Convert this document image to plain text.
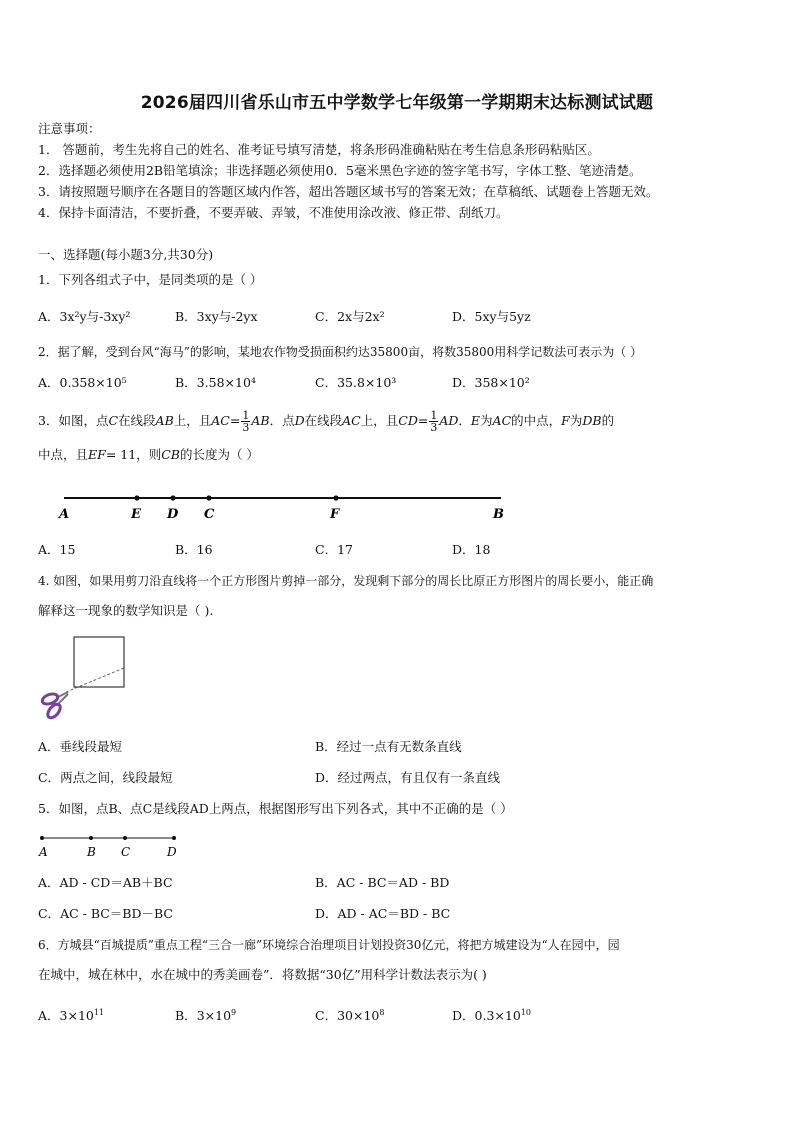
2026届四川省乐山市五中学数学七年级第一学期期末达标测试试题
注意事项：
1． 答题前，考生先将自己的姓名、准考证号填写清楚，将条形码准确粘贴在考生信息条形码粘贴区。
2．选择题必须使用2B铅笔填涂；非选择题必须使用0．5毫米黑色字迹的签字笔书写，字体工整、笔迹清楚。
3．请按照题号顺序在各题目的答题区域内作答，超出答题区域书写的答案无效；在草稿纸、试题卷上答题无效。
4．保持卡面清洁，不要折叠，不要弄破、弄皱，不准使用涂改液、修正带、刮纸刀。
一、选择题(每小题3分,共30分)
1．下列各组式子中，是同类项的是（ ）
A．3x²y与-3xy²	B．3xy与-2yx	C．2x与2x²	D．5xy与5yz
2．据了解，受到台风“海马”的影响，某地农作物受损面积约达35800亩，将数35800用科学记数法可表示为（ ）
A．0.358×10⁵	B．3.58×10⁴	C．35.8×10³	D．358×10²
3．如图，点C在线段AB上，且$AC= \frac{1}{3}$ AB．点D在线段AC上，且$CD= \frac{1}{3}$ AD．E为AC的中点，F为DB的
中点，且EF= 11，则CB的长度为（ ）
A	E D C	F	B
A．15	B．16	C．17	D．18
4. 如图，如果用剪刀沿直线将一个正方形图片剪掉一部分，发现剩下部分的周长比原正方形图片的周长要小，能正确
解释这一现象的数学知识是（ ).
A．垂线段最短	B．经过一点有无数条直线
C．两点之间，线段最短	D．经过两点，有且仅有一条直线
5．如图，点B、点C是线段AD上两点，根据图形写出下列各式，其中不正确的是（ ）
A	B C	D
A．AD - CD＝AB＋BC	B．AC - BC＝AD - BD
C．AC - BC＝BD－BC	D．AD - AC＝BD - BC
6．方城县“百城提质”重点工程“三合一廊”环境综合治理项目计划投资30亿元，将把方城建设为“人在园中，园
在城中，城在林中，水在城中的秀美画卷”．将数据“30亿”用科学计数法表示为( )
A．$3\times 10^{11}$	B．$3\times 10^9$	C．$30\times 10^8$	D．$0.3\times 10^{10}$
